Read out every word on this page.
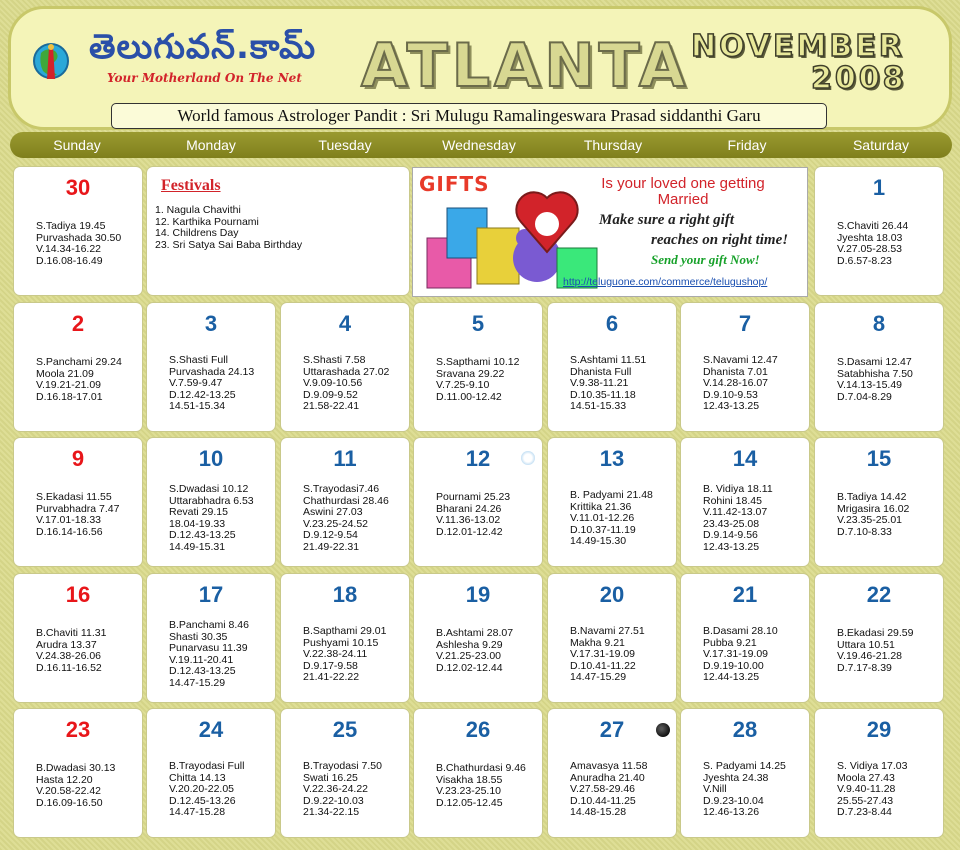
తెలుగువన్.కామ్
Your Motherland On The Net ATLANTA NOVEMBER
2008
World famous Astrologer Pandit : Sri Mulugu Ramalingeswara Prasad siddanthi Garu
Sunday	Monday	Tuesday	Wednesday	Thursday	Friday	Saturday
Festivals
1. Nagula Chavithi
12. Karthika Pournami
14. Childrens Day
23. Sri Satya Sai Baba Birthday
GIFTS	Is your loved one getting
Married
Make sure a right gift
reaches on right time!
Send your gift Now!
http://teluguone.com/commerce/telugushop/
30
S.Tadiya 19.45
Purvashada 30.50
V.14.34-16.22
D.16.08-16.49
1
S.Chaviti 26.44
Jyeshta 18.03
V.27.05-28.53
D.6.57-8.23
2
S.Panchami 29.24
Moola 21.09
V.19.21-21.09
D.16.18-17.01
3
S.Shasti Full
Purvashada 24.13
V.7.59-9.47
D.12.42-13.25
14.51-15.34
4
S.Shasti 7.58
Uttarashada 27.02
V.9.09-10.56
D.9.09-9.52
21.58-22.41
5
S.Sapthami 10.12
Sravana 29.22
V.7.25-9.10
D.11.00-12.42
6
S.Ashtami 11.51
Dhanista Full
V.9.38-11.21
D.10.35-11.18
14.51-15.33
7
S.Navami 12.47
Dhanista 7.01
V.14.28-16.07
D.9.10-9.53
12.43-13.25
8
S.Dasami 12.47
Satabhisha 7.50
V.14.13-15.49
D.7.04-8.29
9
S.Ekadasi 11.55
Purvabhadra 7.47
V.17.01-18.33
D.16.14-16.56
10
S.Dwadasi 10.12
Uttarabhadra 6.53
Revati 29.15
18.04-19.33
D.12.43-13.25
14.49-15.31
11
S.Trayodasi7.46
Chathurdasi 28.46
Aswini 27.03
V.23.25-24.52
D.9.12-9.54
21.49-22.31
12
Pournami 25.23
Bharani 24.26
V.11.36-13.02
D.12.01-12.42
13
B. Padyami 21.48
Krittika 21.36
V.11.01-12.26
D.10.37-11.19
14.49-15.30
14
B. Vidiya 18.11
Rohini 18.45
V.11.42-13.07
23.43-25.08
D.9.14-9.56
12.43-13.25
15
B.Tadiya 14.42
Mrigasira 16.02
V.23.35-25.01
D.7.10-8.33
16
B.Chaviti 11.31
Arudra 13.37
V.24.38-26.06
D.16.11-16.52
17
B.Panchami 8.46
Shasti 30.35
Punarvasu 11.39
V.19.11-20.41
D.12.43-13.25
14.47-15.29
18
B.Sapthami 29.01
Pushyami 10.15
V.22.38-24.11
D.9.17-9.58
21.41-22.22
19
B.Ashtami 28.07
Ashlesha 9.29
V.21.25-23.00
D.12.02-12.44
20
B.Navami 27.51
Makha 9.21
V.17.31-19.09
D.10.41-11.22
14.47-15.29
21
B.Dasami 28.10
Pubba 9.21
V.17.31-19.09
D.9.19-10.00
12.44-13.25
22
B.Ekadasi 29.59
Uttara 10.51
V.19.46-21.28
D.7.17-8.39
23
B.Dwadasi 30.13
Hasta 12.20
V.20.58-22.42
D.16.09-16.50
24
B.Trayodasi Full
Chitta 14.13
V.20.20-22.05
D.12.45-13.26
14.47-15.28
25
B.Trayodasi 7.50
Swati 16.25
V.22.36-24.22
D.9.22-10.03
21.34-22.15
26
B.Chathurdasi 9.46
Visakha 18.55
V.23.23-25.10
D.12.05-12.45
27
Amavasya 11.58
Anuradha 21.40
V.27.58-29.46
D.10.44-11.25
14.48-15.28
28
S. Padyami 14.25
Jyeshta 24.38
V.Nill
D.9.23-10.04
12.46-13.26
29
S. Vidiya 17.03
Moola 27.43
V.9.40-11.28
25.55-27.43
D.7.23-8.44
